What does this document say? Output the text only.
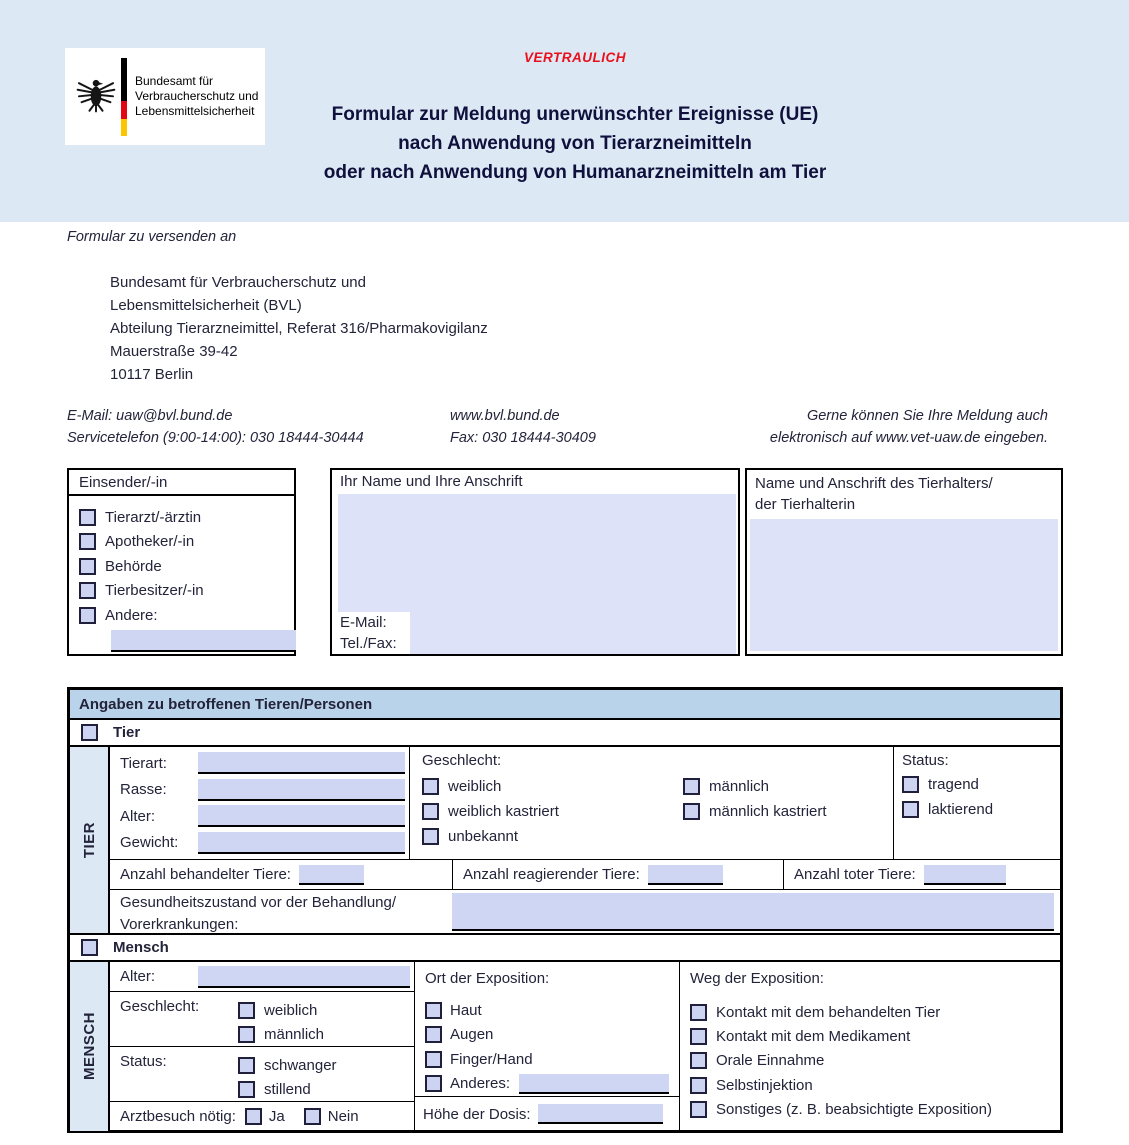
Bundesamt für
Verbraucherschutz und
Lebensmittelsicherheit
VERTRAULICH
Formular zur Meldung unerwünschter Ereignisse (UE)
nach Anwendung von Tierarzneimitteln
oder nach Anwendung von Humanarzneimitteln am Tier
Formular zu versenden an
Bundesamt für Verbraucherschutz und
Lebensmittelsicherheit (BVL)
Abteilung Tierarzneimittel, Referat 316/Pharmakovigilanz
Mauerstraße 39-42
10117 Berlin
E-Mail: uaw@bvl.bund.de
Servicetelefon (9:00-14:00): 030 18444-30444
www.bvl.bund.de
Fax: 030 18444-30409
Gerne können Sie Ihre Meldung auch
elektronisch auf www.vet-uaw.de eingeben.
Einsender/-in
Tierarzt/-ärztin
Apotheker/-in
Behörde
Tierbesitzer/-in
Andere:
Ihr Name und Ihre Anschrift
E-Mail:
Tel./Fax:
Name und Anschrift des Tierhalters/
der Tierhalterin
Angaben zu betroffenen Tieren/Personen
Tier
TIER
Tierart:
Rasse:
Alter:
Gewicht:
Geschlecht:
weiblich
weiblich kastriert
unbekannt
männlich
männlich kastriert
Status:
tragend
laktierend
Anzahl behandelter Tiere:	Anzahl reagierender Tiere:	Anzahl toter Tiere:
Gesundheitszustand vor der Behandlung/
Vorerkrankungen:
Mensch
MENSCH
Alter:
Geschlecht:	weiblich
männlich
Status:	schwanger
stillend
Arztbesuch nötig: Ja	Nein
Ort der Exposition:
Haut
Augen
Finger/Hand
Anderes:
Höhe der Dosis:
Weg der Exposition:
Kontakt mit dem behandelten Tier
Kontakt mit dem Medikament
Orale Einnahme
Selbstinjektion
Sonstiges (z. B. beabsichtigte Exposition)
